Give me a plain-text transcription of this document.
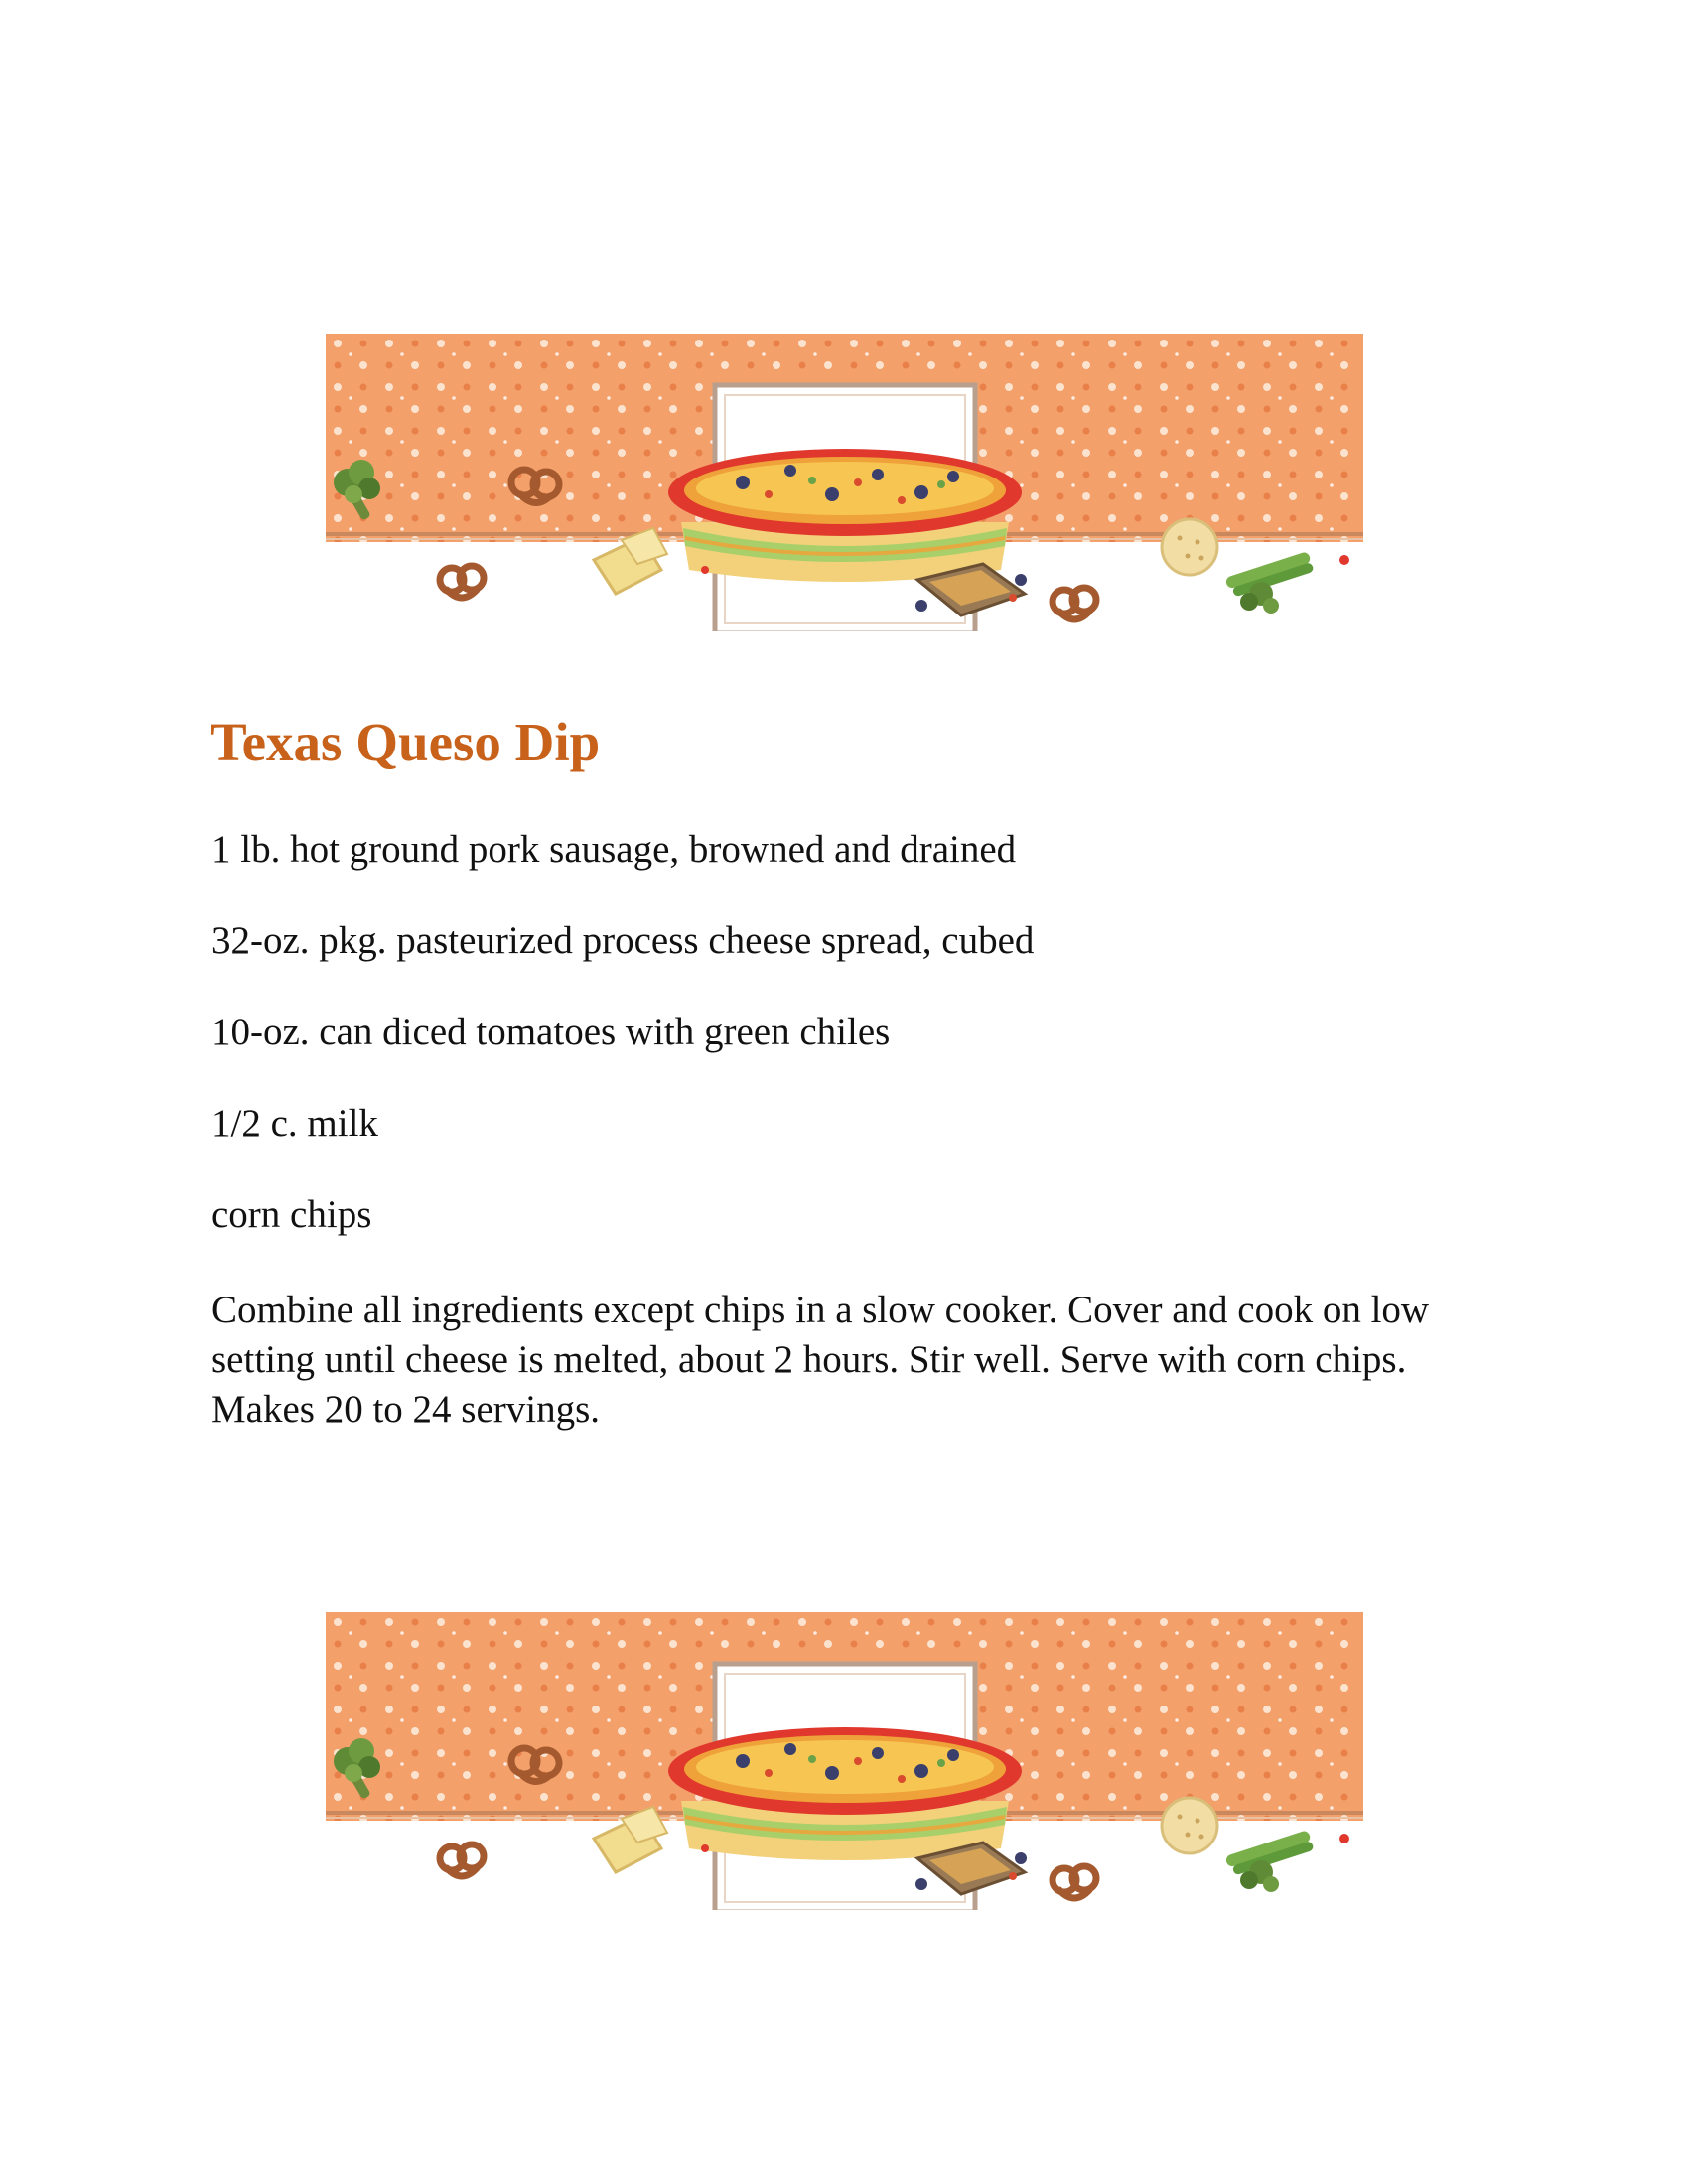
Texas Queso Dip
1 lb. hot ground pork sausage, browned and drained
32-oz. pkg. pasteurized process cheese spread, cubed
10-oz. can diced tomatoes with green chiles
1/2 c. milk
corn chips

Combine all ingredients except chips in a slow cooker. Cover and cook on low setting until cheese is melted, about 2 hours. Stir well. Serve with corn chips. Makes 20 to 24 servings.
